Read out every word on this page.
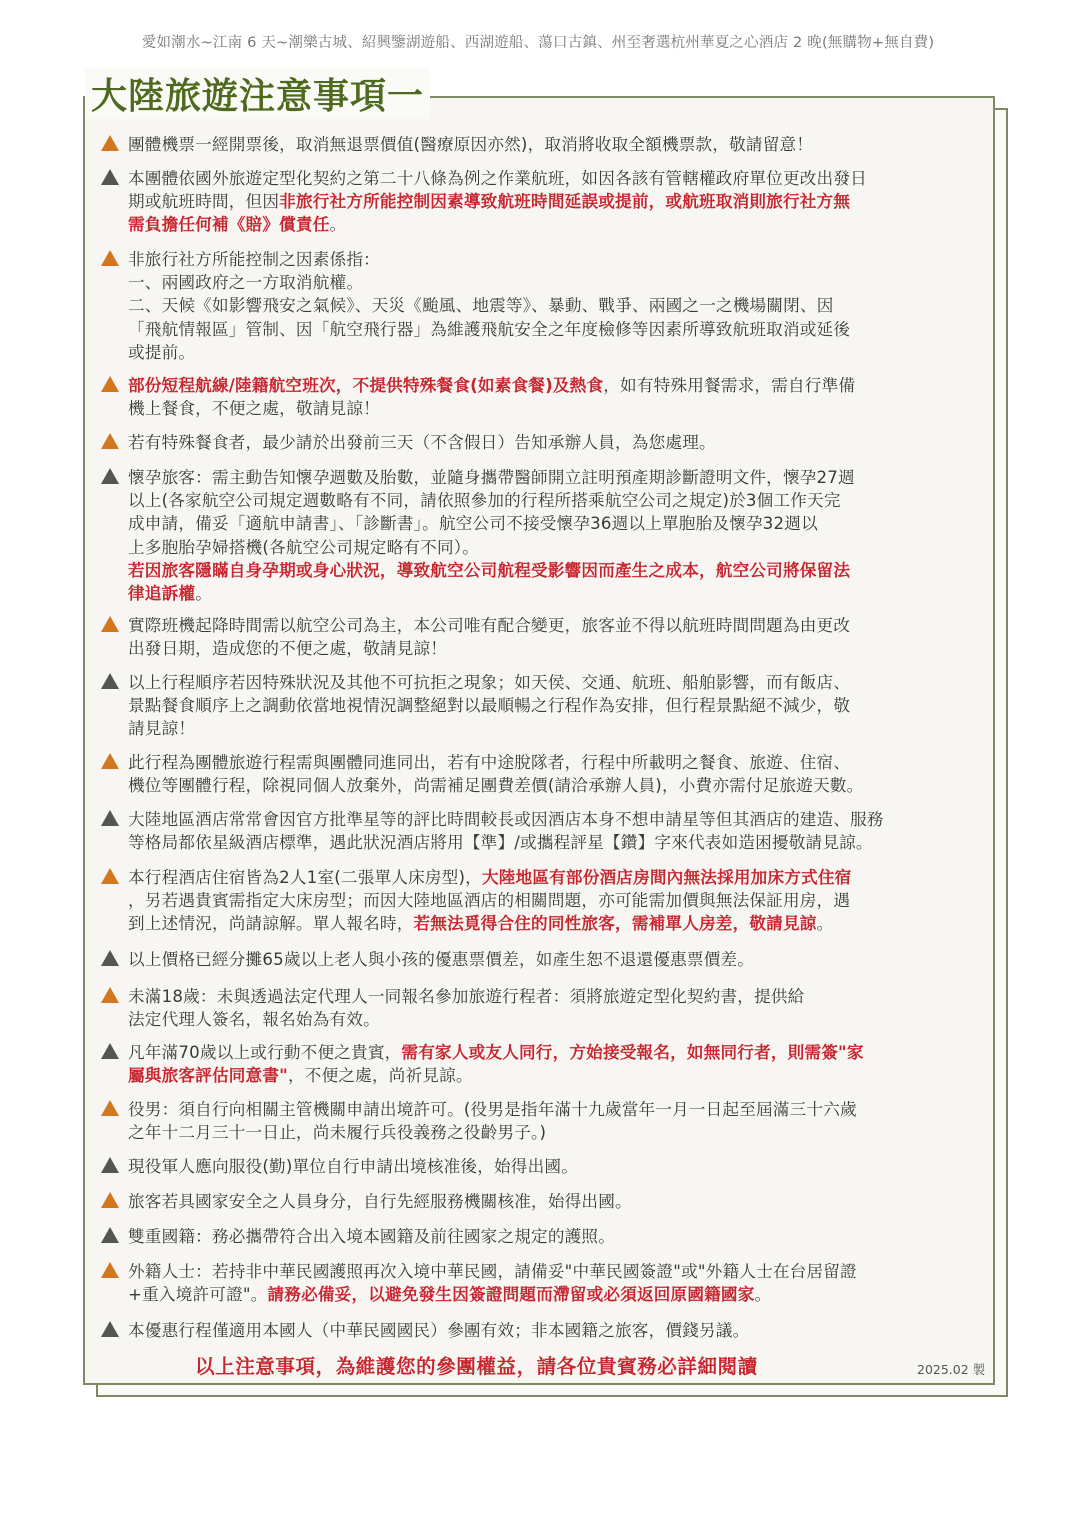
愛如潮水~江南 6 天~潮樂古城、紹興鑒湖遊船、西湖遊船、蕩口古鎮、州至奢選杭州華夏之心酒店 2 晚(無購物+無自費)
大陸旅遊注意事項一
團體機票一經開票後，取消無退票價值(醫療原因亦然)，取消將收取全額機票款，敬請留意！
本團體依國外旅遊定型化契約之第二十八條為例之作業航班，如因各該有管轄權政府單位更改出發日
期或航班時間，但因非旅行社方所能控制因素導致航班時間延誤或提前，或航班取消則旅行社方無
需負擔任何補《賠》償責任。
非旅行社方所能控制之因素係指：
一、兩國政府之一方取消航權。
二、天候《如影響飛安之氣候》、天災《颱風、地震等》、暴動、戰爭、兩國之一之機場關閉、因
「飛航情報區」管制、因「航空飛行器」為維護飛航安全之年度檢修等因素所導致航班取消或延後
或提前。
部份短程航線/陸籍航空班次，不提供特殊餐食(如素食餐)及熱食，如有特殊用餐需求，需自行準備
機上餐食，不便之處，敬請見諒！
若有特殊餐食者，最少請於出發前三天（不含假日）告知承辦人員，為您處理。
懷孕旅客：需主動告知懷孕週數及胎數，並隨身攜帶醫師開立註明預產期診斷證明文件，懷孕27週
以上(各家航空公司規定週數略有不同，請依照參加的行程所搭乘航空公司之規定)於3個工作天完
成申請，備妥「適航申請書」、「診斷書」。航空公司不接受懷孕36週以上單胞胎及懷孕32週以
上多胞胎孕婦搭機(各航空公司規定略有不同）。
若因旅客隱瞞自身孕期或身心狀況，導致航空公司航程受影響因而產生之成本，航空公司將保留法
律追訴權。
實際班機起降時間需以航空公司為主，本公司唯有配合變更，旅客並不得以航班時間問題為由更改
出發日期，造成您的不便之處，敬請見諒！
以上行程順序若因特殊狀況及其他不可抗拒之現象；如天侯、交通、航班、船舶影響，而有飯店、
景點餐食順序上之調動依當地視情況調整絕對以最順暢之行程作為安排，但行程景點絕不減少，敬
請見諒！
此行程為團體旅遊行程需與團體同進同出，若有中途脫隊者，行程中所載明之餐食、旅遊、住宿、
機位等團體行程，除視同個人放棄外，尚需補足團費差價(請洽承辦人員)，小費亦需付足旅遊天數。
大陸地區酒店常常會因官方批準星等的評比時間較長或因酒店本身不想申請星等但其酒店的建造、服務
等格局都依星級酒店標準，遇此狀況酒店將用【準】/或攜程評星【鑽】字來代表如造困擾敬請見諒。
本行程酒店住宿皆為2人1室(二張單人床房型)，大陸地區有部份酒店房間內無法採用加床方式住宿
，另若遇貴賓需指定大床房型；而因大陸地區酒店的相關問題，亦可能需加價與無法保証用房，遇
到上述情況，尚請諒解。單人報名時，若無法覓得合住的同性旅客，需補單人房差，敬請見諒。
以上價格已經分攤65歲以上老人與小孩的優惠票價差，如產生恕不退還優惠票價差。
未滿18歲：未與透過法定代理人一同報名參加旅遊行程者：須將旅遊定型化契約書，提供給
法定代理人簽名，報名始為有效。
凡年滿70歲以上或行動不便之貴賓，需有家人或友人同行，方始接受報名，如無同行者，則需簽"家
屬與旅客評估同意書"，不便之處，尚祈見諒。
役男：須自行向相關主管機關申請出境許可。(役男是指年滿十九歲當年一月一日起至屆滿三十六歲
之年十二月三十一日止，尚未履行兵役義務之役齡男子。)
現役軍人應向服役(勤)單位自行申請出境核准後，始得出國。
旅客若具國家安全之人員身分，自行先經服務機關核准，始得出國。
雙重國籍：務必攜帶符合出入境本國籍及前往國家之規定的護照。
外籍人士：若持非中華民國護照再次入境中華民國，請備妥"中華民國簽證"或"外籍人士在台居留證
+重入境許可證"。請務必備妥，以避免發生因簽證問題而滯留或必須返回原國籍國家。
本優惠行程僅適用本國人（中華民國國民）參團有效；非本國籍之旅客，價錢另議。
以上注意事項，為維護您的參團權益，請各位貴賓務必詳細閱讀	2025.02 製
